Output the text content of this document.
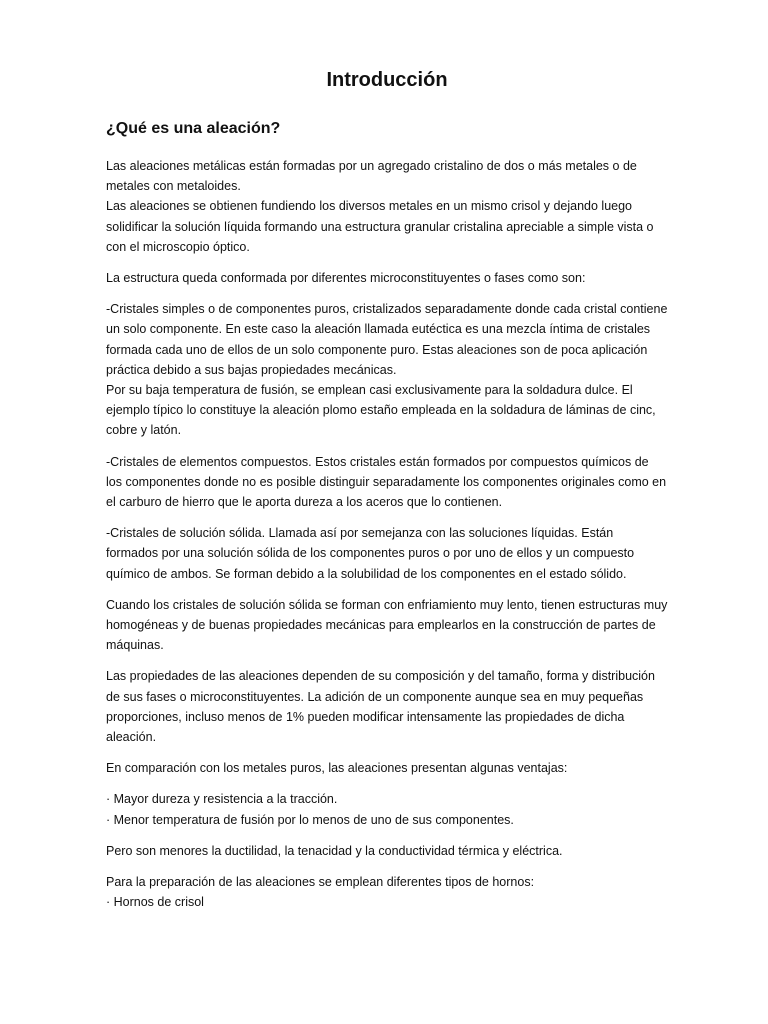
Introducción
¿Qué es una aleación?

Las aleaciones metálicas están formadas por un agregado cristalino de dos o más metales o de metales con metaloides.
Las aleaciones se obtienen fundiendo los diversos metales en un mismo crisol y dejando luego solidificar la solución líquida formando una estructura granular cristalina apreciable a simple vista o con el microscopio óptico.

La estructura queda conformada por diferentes microconstituyentes o fases como son:

-Cristales simples o de componentes puros, cristalizados separadamente donde cada cristal contiene un solo componente. En este caso la aleación llamada eutéctica es una mezcla íntima de cristales formada cada uno de ellos de un solo componente puro. Estas aleaciones son de poca aplicación práctica debido a sus bajas propiedades mecánicas.
Por su baja temperatura de fusión, se emplean casi exclusivamente para la soldadura dulce. El ejemplo típico lo constituye la aleación plomo estaño empleada en la soldadura de láminas de cinc, cobre y latón.

-Cristales de elementos compuestos. Estos cristales están formados por compuestos químicos de los componentes donde no es posible distinguir separadamente los componentes originales como en el carburo de hierro que le aporta dureza a los aceros que lo contienen.

-Cristales de solución sólida. Llamada así por semejanza con las soluciones líquidas. Están formados por una solución sólida de los componentes puros o por uno de ellos y un compuesto químico de ambos. Se forman debido a la solubilidad de los componentes en el estado sólido.

Cuando los cristales de solución sólida se forman con enfriamiento muy lento, tienen estructuras muy homogéneas y de buenas propiedades mecánicas para emplearlos en la construcción de partes de máquinas.

Las propiedades de las aleaciones dependen de su composición y del tamaño, forma y distribución de sus fases o microconstituyentes. La adición de un componente aunque sea en muy pequeñas proporciones, incluso menos de 1% pueden modificar intensamente las propiedades de dicha aleación.

En comparación con los metales puros, las aleaciones presentan algunas ventajas:

· Mayor dureza y resistencia a la tracción.
· Menor temperatura de fusión por lo menos de uno de sus componentes.

Pero son menores la ductilidad, la tenacidad y la conductividad térmica y eléctrica.

Para la preparación de las aleaciones se emplean diferentes tipos de hornos:
· Hornos de crisol
